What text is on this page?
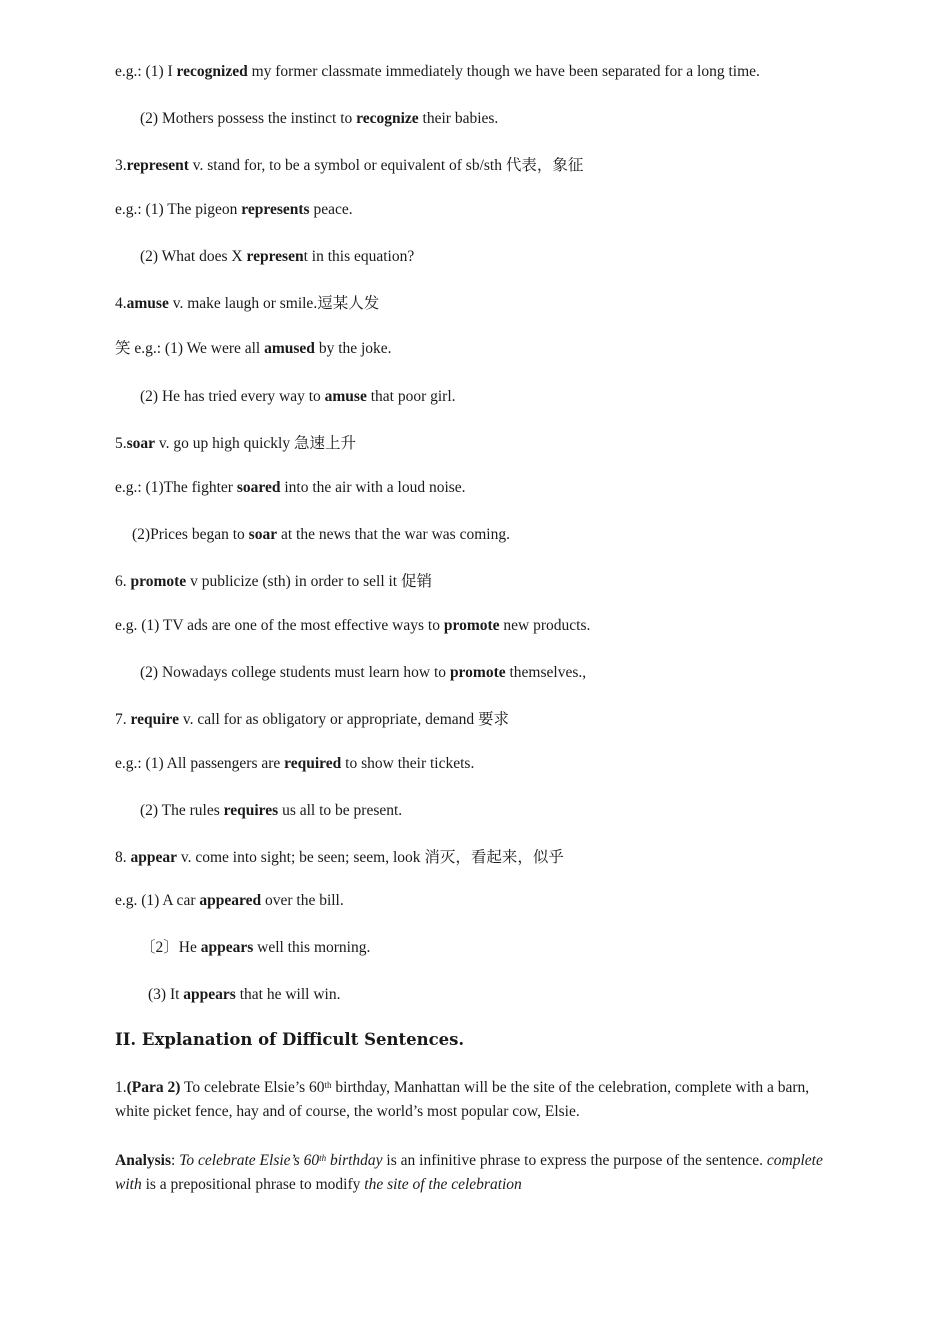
e.g.: (1) I recognized my former classmate immediately though we have been separated for a long time.
(2) Mothers possess the instinct to recognize their babies.
3.represent v. stand for, to be a symbol or equivalent of sb/sth 代表，象征
e.g.: (1) The pigeon represents peace.
(2) What does X represent in this equation?
4.amuse v. make laugh or smile.逗某人发
笑 e.g.: (1) We were all amused by the joke.
(2) He has tried every way to amuse that poor girl.
5.soar v. go up high quickly 急速上升
e.g.: (1)The fighter soared into the air with a loud noise.
(2)Prices began to soar at the news that the war was coming.
6. promote v publicize (sth) in order to sell it 促销
e.g. (1) TV ads are one of the most effective ways to promote new products.
(2) Nowadays college students must learn how to promote themselves.,
7. require v. call for as obligatory or appropriate, demand 要求
e.g.: (1) All passengers are required to show their tickets.
(2) The rules requires us all to be present.
8. appear v. come into sight; be seen; seem, look 消灭，看起来，似乎
e.g. (1) A car appeared over the bill.
〔2〕He appears well this morning.
(3) It appears that he will win.
II. Explanation of Difficult Sentences.
1.(Para 2) To celebrate Elsie’s 60th birthday, Manhattan will be the site of the celebration, complete with a barn, white picket fence, hay and of course, the world’s most popular cow, Elsie.
Analysis: To celebrate Elsie’s 60th birthday is an infinitive phrase to express the purpose of the sentence. complete with is a prepositional phrase to modify the site of the celebration
